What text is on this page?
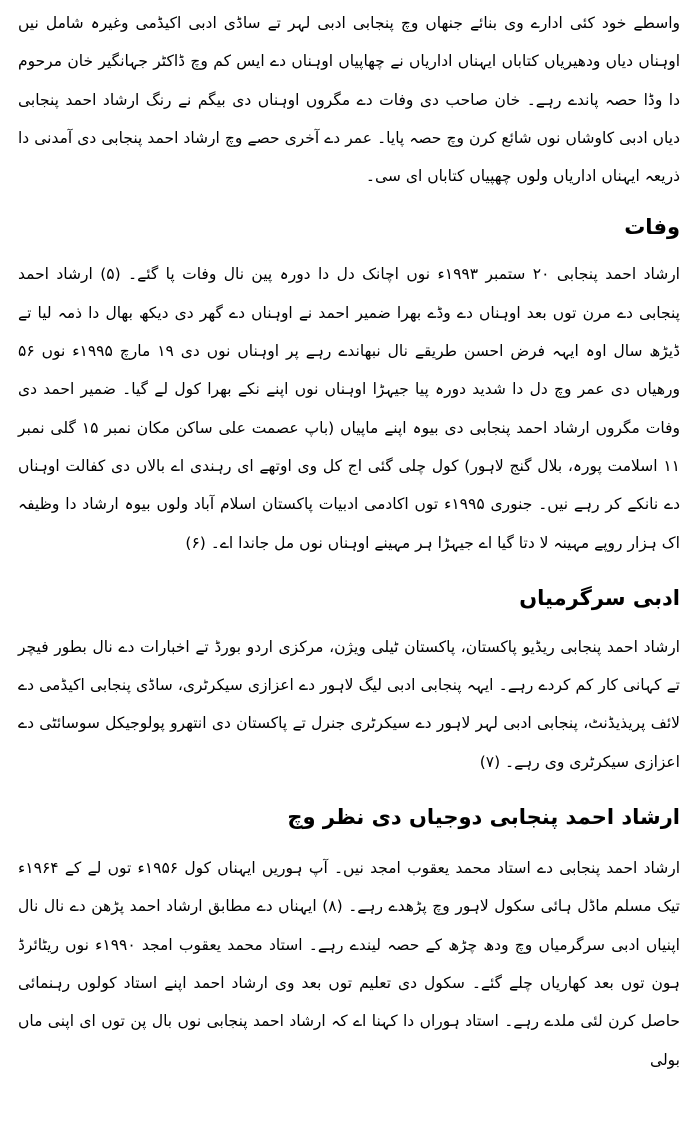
واسطے خود کئی ادارے وی بنائے جنھاں وچ پنجابی ادبی لہر تے ساڈی ادبی اکیڈمی وغیرہ شامل نیں اوہناں دیاں ودھیریاں کتاباں ایہناں اداریاں نے چھاپیاں اوہناں دے ایس کم وچ ڈاکٹر جہانگیر خان مرحوم دا وڈا حصہ پاندے رہے۔ خان صاحب دی وفات دے مگروں اوہناں دی بیگم نے رنگ ارشاد احمد پنجابی دیاں ادبی کاوشاں نوں شائع کرن وچ حصہ پایا۔ عمر دے آخری حصے وچ ارشاد احمد پنجابی دی آمدنی دا ذریعہ ایہناں اداریاں ولوں چھپیاں کتاباں ای سی۔

وفات

ارشاد احمد پنجابی ۲۰ ستمبر ۱۹۹۳ء نوں اچانک دل دا دورہ پین نال وفات پا گئے۔ (۵) ارشاد احمد پنجابی دے مرن توں بعد اوہناں دے وڈے بھرا ضمیر احمد نے اوہناں دے گھر دی دیکھ بھال دا ذمہ لیا تے ڈیڑھ سال اوہ ایہہ فرض احسن طریقے نال نبھاندے رہے پر اوہناں نوں دی ۱۹ مارچ ۱۹۹۵ء نوں ۵۶ ورھیاں دی عمر وچ دل دا شدید دورہ پیا جیہڑا اوہناں نوں اپنے نکے بھرا کول لے گیا۔ ضمیر احمد دی وفات مگروں ارشاد احمد پنجابی دی بیوہ اپنے ماپیاں (باپ عصمت علی ساکن مکان نمبر ۱۵ گلی نمبر ۱۱ اسلامت پورہ، بلال گنج لاہور) کول چلی گئی اج کل وی اوتھے ای رہندی اے بالاں دی کفالت اوہناں دے نانکے کر رہے نیں۔ جنوری ۱۹۹۵ء توں اکادمی ادبیات پاکستان اسلام آباد ولوں بیوہ ارشاد دا وظیفہ اک ہزار روپے مہینہ لا دتا گیا اے جیہڑا ہر مہینے اوہناں نوں مل جاندا اے۔ (۶)

ادبی سرگرمیاں

ارشاد احمد پنجابی ریڈیو پاکستان، پاکستان ٹیلی ویژن، مرکزی اردو بورڈ تے اخبارات دے نال بطور فیچر تے کہانی کار کم کردے رہے۔ ایہہ پنجابی ادبی لیگ لاہور دے اعزازی سیکرٹری، ساڈی پنجابی اکیڈمی دے لائف پریذیڈنٹ، پنجابی ادبی لہر لاہور دے سیکرٹری جنرل تے پاکستان دی انتھرو پولوجیکل سوسائٹی دے اعزازی سیکرٹری وی رہے۔ (۷)

ارشاد احمد پنجابی دوجیاں دی نظر وچ

ارشاد احمد پنجابی دے استاد محمد یعقوب امجد نیں۔ آپ ہوریں ایہناں کول ۱۹۵۶ء توں لے کے ۱۹۶۴ء تیک مسلم ماڈل ہائی سکول لاہور وچ پڑھدے رہے۔ (۸) ایہناں دے مطابق ارشاد احمد پڑھن دے نال نال اپنیاں ادبی سرگرمیاں وچ ودھ چڑھ کے حصہ لیندے رہے۔ استاد محمد یعقوب امجد ۱۹۹۰ء نوں ریٹائرڈ ہون توں بعد کھاریاں چلے گئے۔ سکول دی تعلیم توں بعد وی ارشاد احمد اپنے استاد کولوں رہنمائی حاصل کرن لئی ملدے رہے۔ استاد ہوراں دا کہنا اے کہ ارشاد احمد پنجابی نوں بال پن توں ای اپنی ماں بولی
